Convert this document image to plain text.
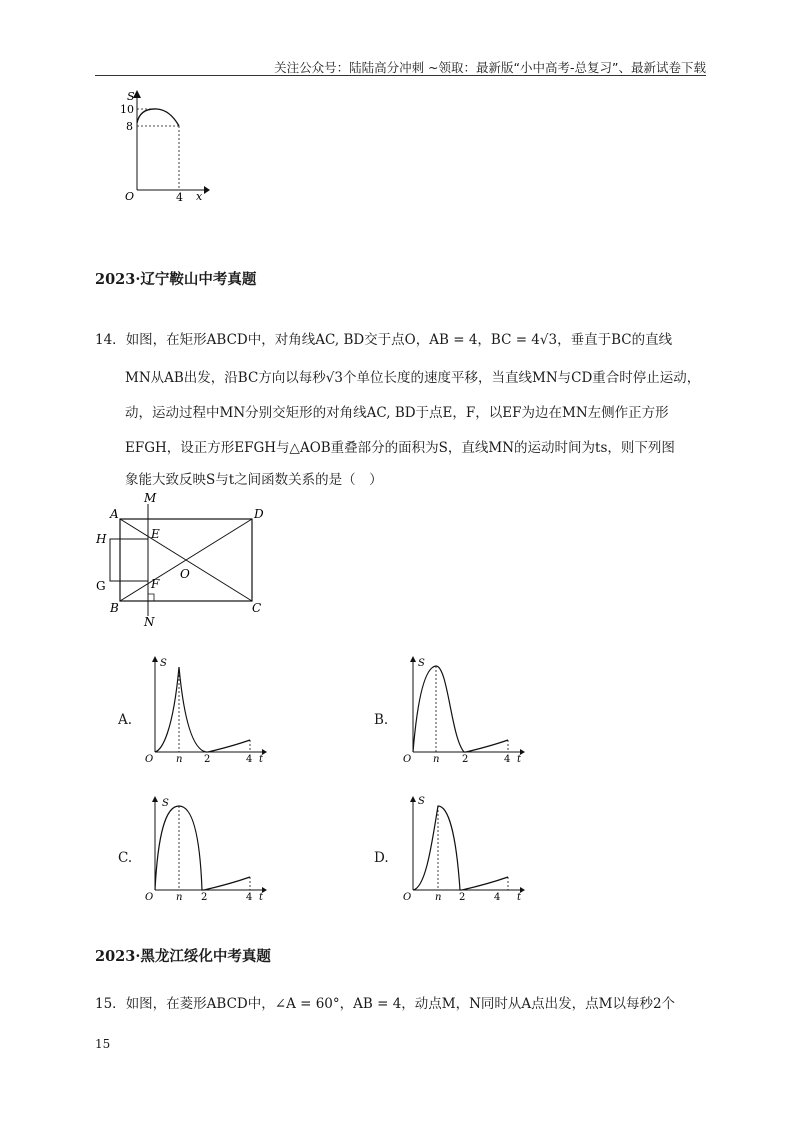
关注公众号：陆陆高分冲刺 ~领取：最新版“小中高考-总复习”、最新试卷下载
S
10
8
O	4 x
2023·辽宁鞍山中考真题
14．如图，在矩形ABCD中，对角线AC, BD交于点O，AB = 4，BC = 4√3，垂直于BC的直线
MN从AB出发，沿BC方向以每秒√3个单位长度的速度平移，当直线MN与CD重合时停止运动，
动，运动过程中MN分别交矩形的对角线AC, BD于点E，F，以EF为边在MN左侧作正方形
EFGH，设正方形EFGH与△AOB重叠部分的面积为S，直线MN的运动时间为ts，则下列图
象能大致反映S与t之间函数关系的是（　）
A	D
B	C
M
N
E
F
H
G
O
A.
S
O n 2	4 t
B.
S
O n 2	4 t
C.
S
O n 2	4 t
D.
S
O n 2	4 t
2023·黑龙江绥化中考真题
15．如图，在菱形ABCD中，∠A = 60°，AB = 4，动点M，N同时从A点出发，点M以每秒2个
15
